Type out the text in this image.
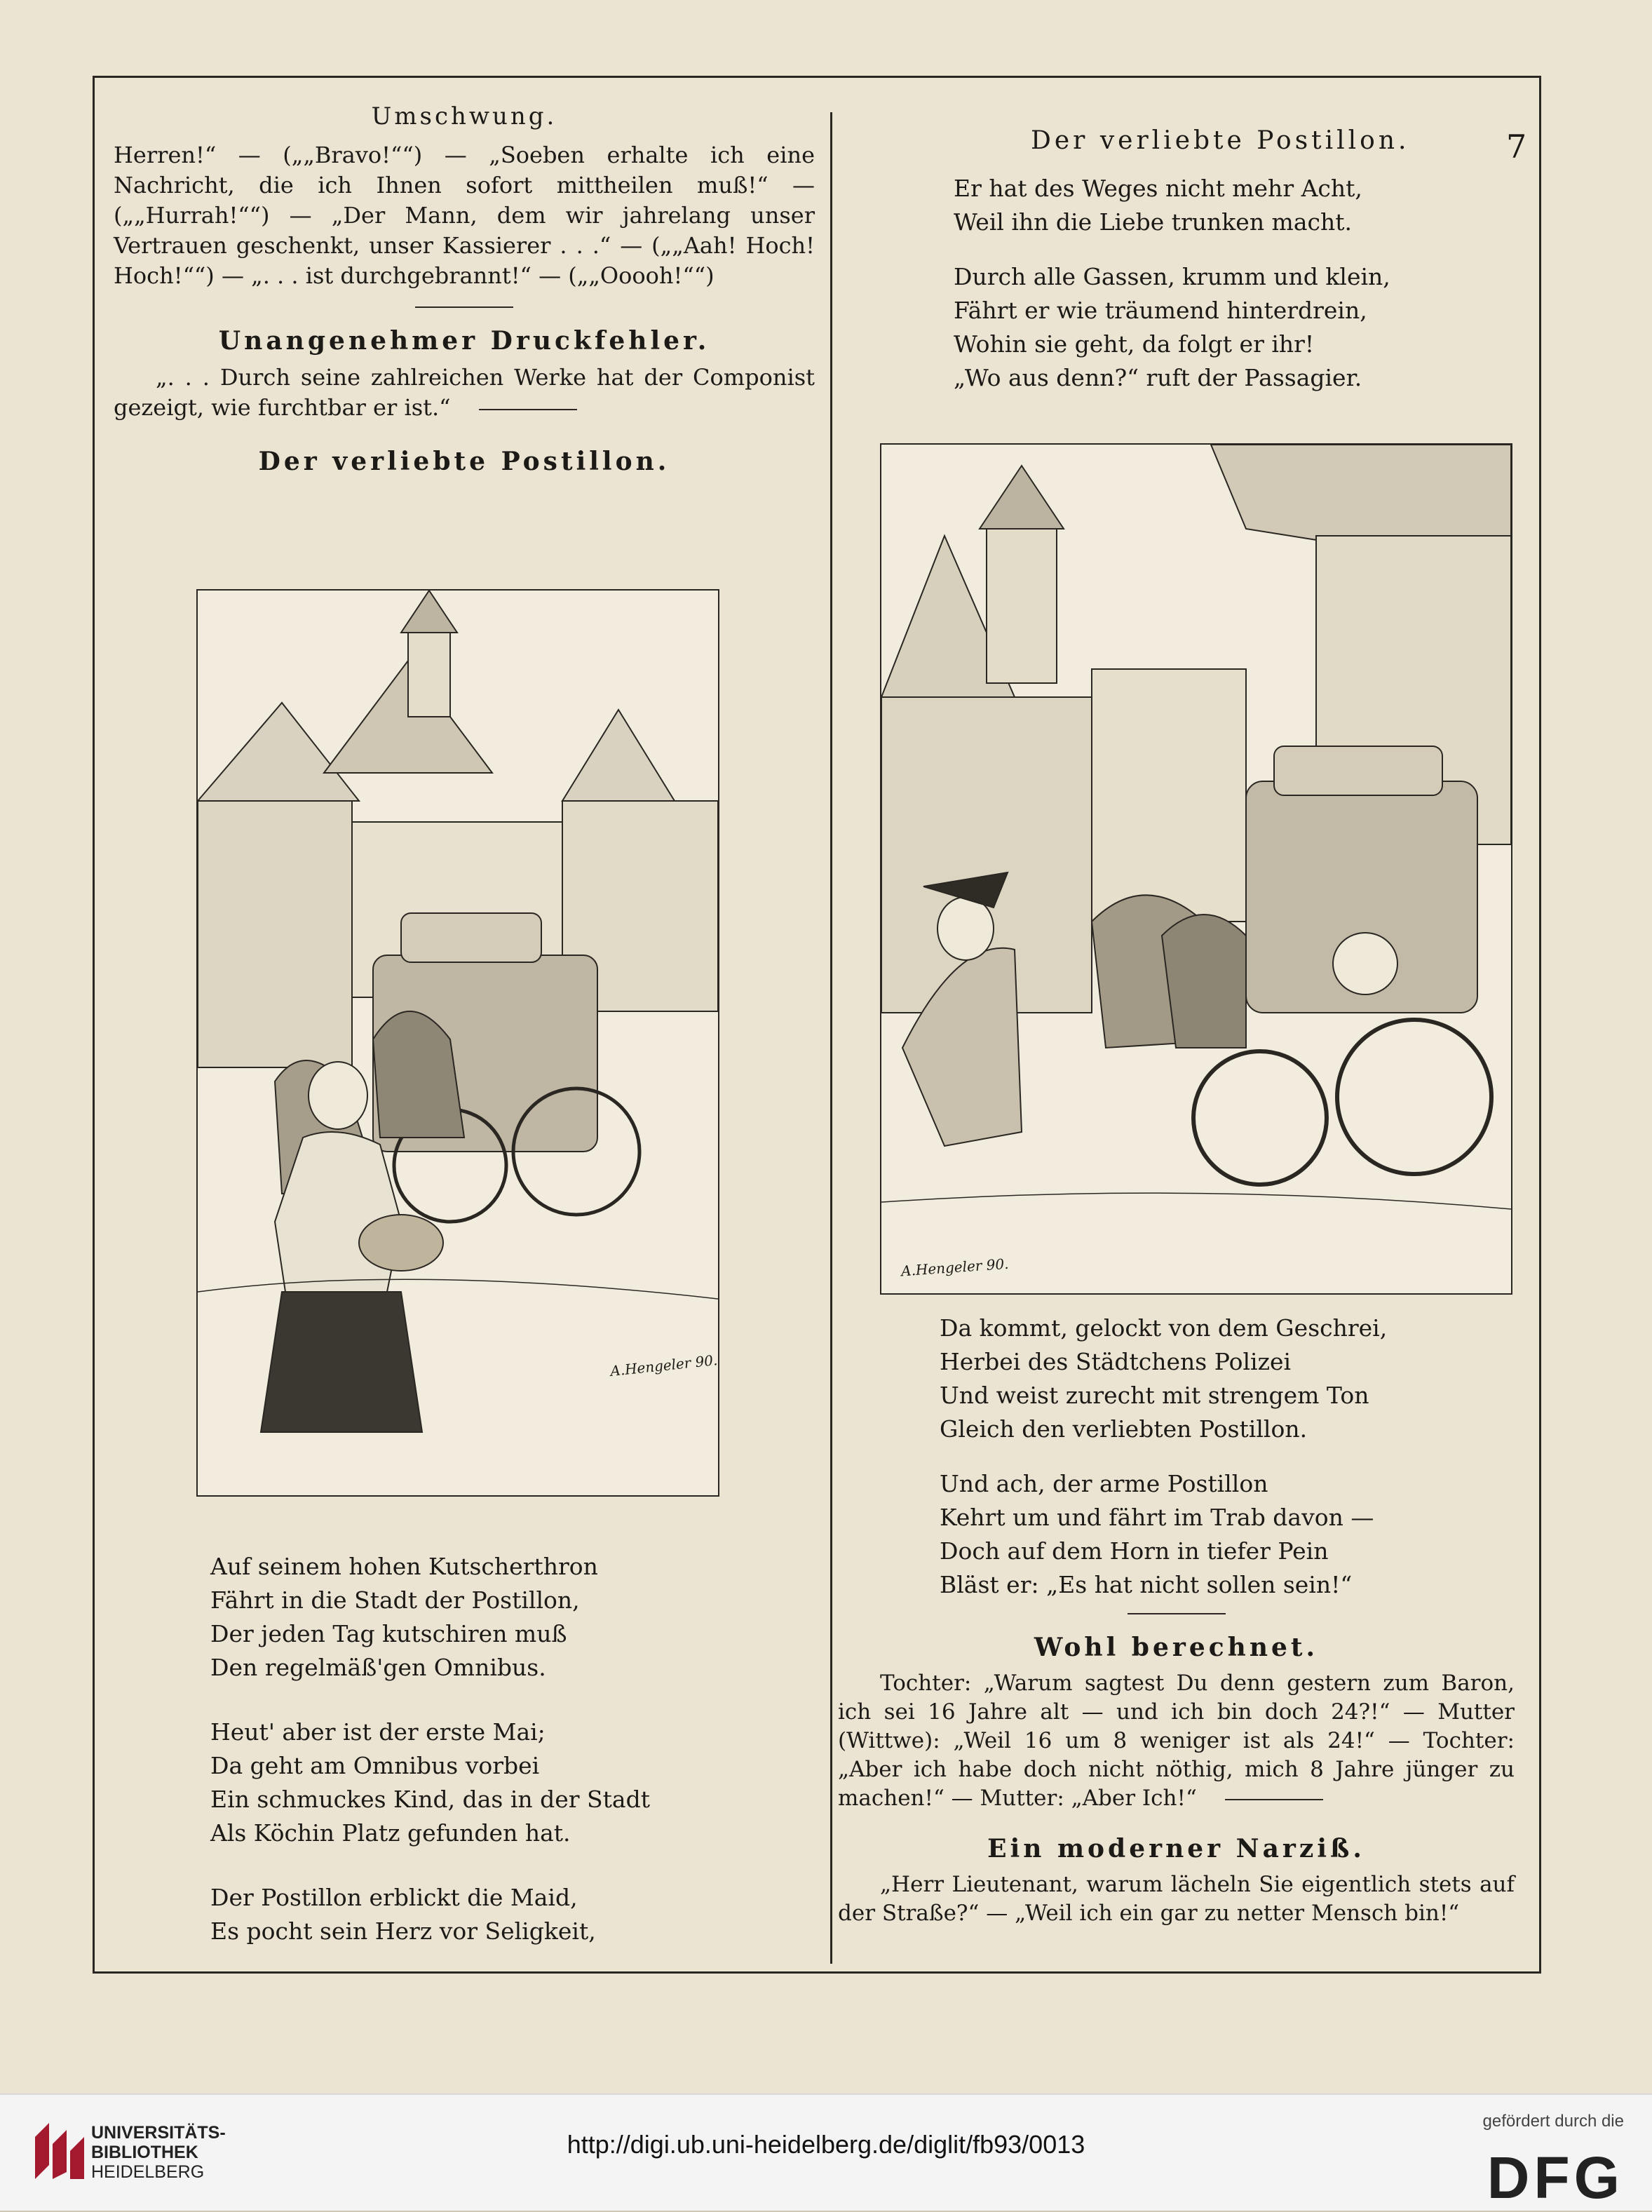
Umschwung.

Herren!“ — („„Bravo!““) — „Soeben erhalte ich eine Nachricht, die ich Ihnen sofort mittheilen muß!“ — („„Hurrah!““) — „Der Mann, dem wir jahrelang unser Vertrauen geschenkt, unser Kassierer . . .“ — („„Aah! Hoch! Hoch!““) — „. . . ist durchgebrannt!“ — („„Ooooh!““)

Unangenehmer Druckfehler.

„. . . Durch seine zahlreichen Werke hat der Componist gezeigt, wie furchtbar er ist.“

Der verliebte Postillon.
A.Hengeler 90.

Auf seinem hohen Kutscherthron

Fährt in die Stadt der Postillon,

Der jeden Tag kutschiren muß

Den regelmäß'gen Omnibus.

Heut' aber ist der erste Mai;

Da geht am Omnibus vorbei

Ein schmuckes Kind, das in der Stadt

Als Köchin Platz gefunden hat.

Der Postillon erblickt die Maid,

Es pocht sein Herz vor Seligkeit,

Der verliebte Postillon.	7

Er hat des Weges nicht mehr Acht,

Weil ihn die Liebe trunken macht.

Durch alle Gassen, krumm und klein,

Fährt er wie träumend hinterdrein,

Wohin sie geht, da folgt er ihr!

„Wo aus denn?“ ruft der Passagier.

A.Hengeler 90.

Da kommt, gelockt von dem Geschrei,

Herbei des Städtchens Polizei

Und weist zurecht mit strengem Ton

Gleich den verliebten Postillon.

Und ach, der arme Postillon

Kehrt um und fährt im Trab davon —

Doch auf dem Horn in tiefer Pein

Bläst er: „Es hat nicht sollen sein!“

Wohl berechnet.

Tochter: „Warum sagtest Du denn gestern zum Baron, ich sei 16 Jahre alt — und ich bin doch 24?!“ — Mutter (Wittwe): „Weil 16 um 8 weniger ist als 24!“ — Tochter: „Aber ich habe doch nicht nöthig, mich 8 Jahre jünger zu machen!“ — Mutter: „Aber Ich!“

Ein moderner Narziß.

„Herr Lieutenant, warum lächeln Sie eigentlich stets auf der Straße?“ — „Weil ich ein gar zu netter Mensch bin!“

UNIVERSITÄTS-
BIBLIOTHEK
HEIDELBERG
http://digi.ub.uni-heidelberg.de/diglit/fb93/0013
gefördert durch die
DFG
